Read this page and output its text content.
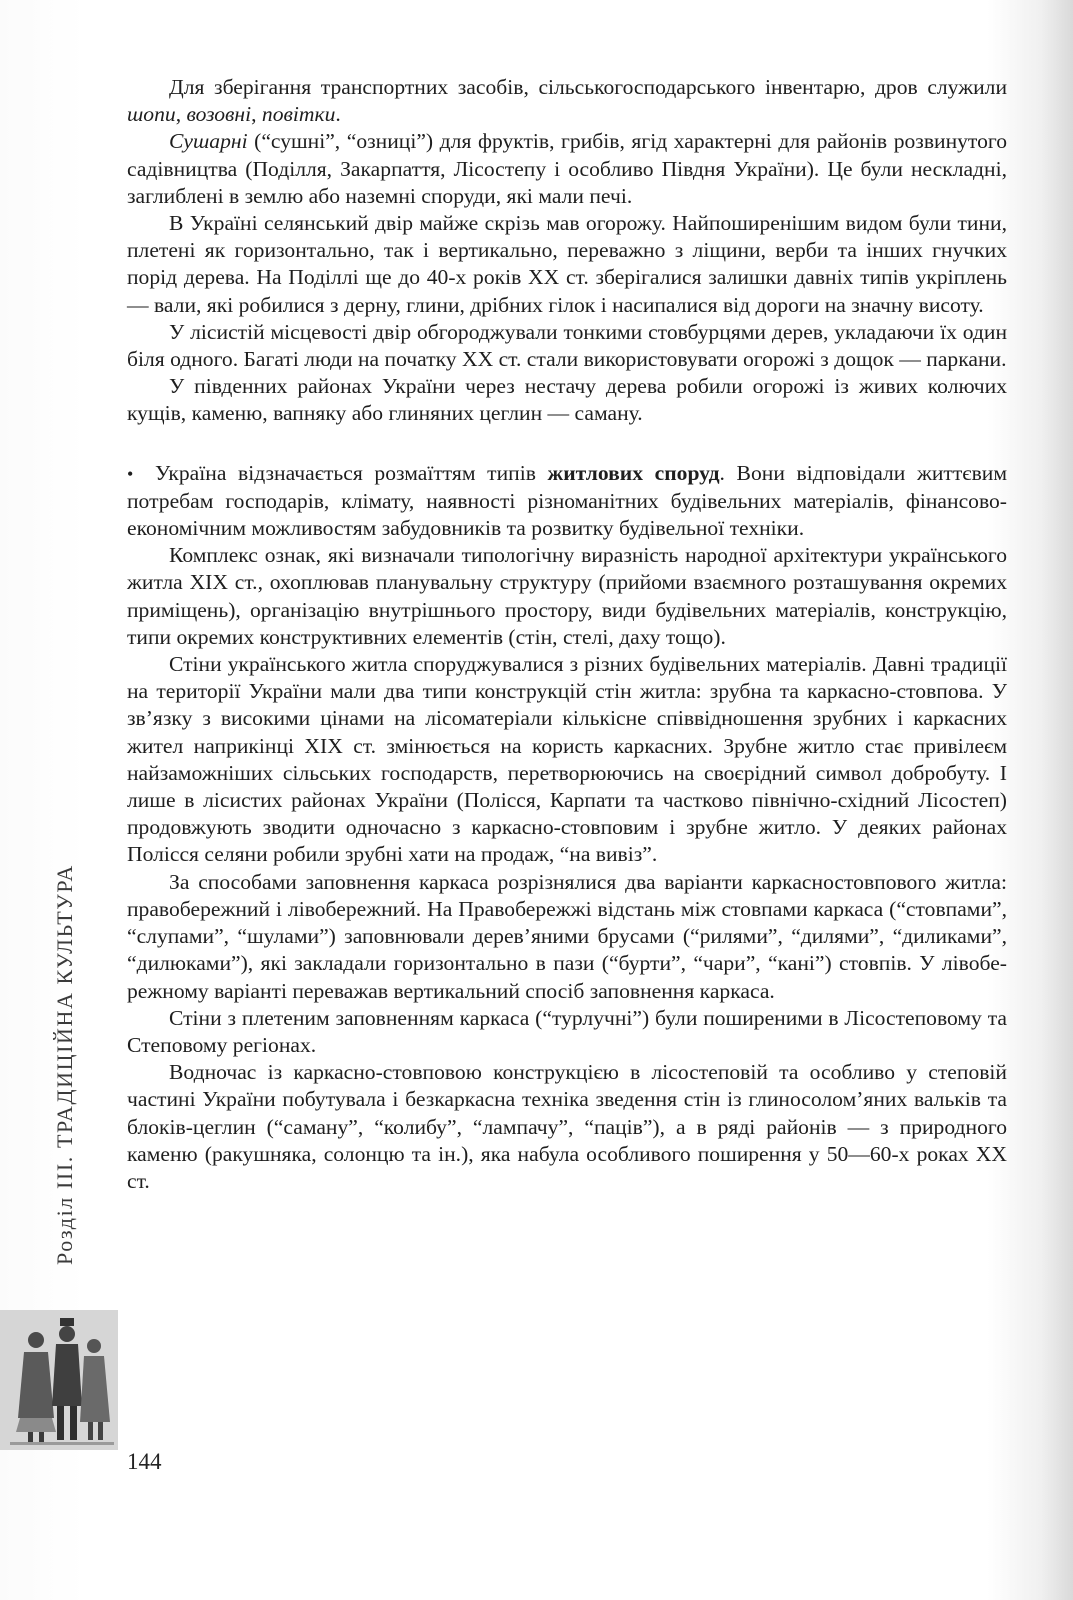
Для зберігання транспортних засобів, сільськогосподарського інвентарю, дров служили шопи, возовні, повітки.

Сушарні (“сушні”, “озниці”) для фруктів, грибів, ягід характерні для районів розвинутого садівництва (Поділля, Закарпаття, Лісостепу і особливо Півдня України). Це були нескладні, заглиблені в землю або наземні споруди, які мали печі.

В Україні селянський двір майже скрізь мав огорожу. Найпоширенішим видом були тини, плетені як горизонтально, так і вертикально, переважно з ліщини, верби та інших гнучких порід дерева. На Поділлі ще до 40-х років XX ст. зберігалися залишки давніх типів укріплень — вали, які робилися з дерну, глини, дрібних гілок і насипалися від дороги на значну висоту.

У лісистій місцевості двір обгороджували тонкими стовбурцями дерев, укладаючи їх один біля одного. Багаті люди на початку XX ст. стали використовувати огорожі з дощок — паркани.

У південних районах України через нестачу дерева робили огорожі із живих колючих кущів, каменю, вапняку або глиняних цеглин — саману.

• Україна відзначається розмаїттям типів житлових споруд. Вони відповідали життєвим потребам господарів, клімату, наявності різноманітних будівельних матеріалів, фінансово-економічним можливостям забудовників та розвитку будівельної техніки.

Комплекс ознак, які визначали типологічну виразність народної архітектури українського житла XIX ст., охоплював планувальну структуру (прийоми взаємного розташування окремих приміщень), організацію внутрішнього простору, види будівельних матеріалів, конструкцію, типи окремих конструктивних елементів (стін, стелі, даху тощо).

Стіни українського житла споруджувалися з різних будівельних матеріалів. Давні традиції на території України мали два типи конструкцій стін житла: зрубна та каркасно-стовпова. У зв’язку з високими цінами на лісоматеріали кількісне співвідношення зрубних і каркасних жител наприкінці XIX ст. змінюється на користь каркасних. Зрубне житло стає привілеєм найзаможніших сільських господарств, перетворюючись на своєрідний символ добробуту. І лише в лісистих районах України (Полісся, Карпати та частково північно-східний Лісостеп) продовжують зводити одночасно з каркасно-стовповим і зрубне житло. У деяких районах Полісся селяни робили зрубні хати на продаж, “на вивіз”.

За способами заповнення каркаса розрізнялися два варіанти каркасностовпового житла: правобережний і лівобережний. На Правобережжі відстань між стовпами каркаса (“стовпами”, “слупами”, “шулами”) заповнювали дерев’яними брусами (“рилями”, “дилями”, “диликами”, “дилюками”), які закладали горизонтально в пази (“бурти”, “чари”, “кані”) стовпів. У лівобережному варіанті переважав вертикальний спосіб заповнення каркаса.

Стіни з плетеним заповненням каркаса (“турлучні”) були поширеними в Лісостеповому та Степовому регіонах.

Водночас із каркасно-стовповою конструкцією в лісостеповій та особливо у степовій частині України побутувала і безкаркасна техніка зведення стін із глиносолом’яних вальків та блоків-цеглин (“саману”, “колибу”, “лампачу”, “паців”), а в ряді районів — з природного каменю (ракушняка, солонцю та ін.), яка набула особливого поширення у 50—60-х роках XX ст.

Розділ ІІІ. ТРАДИЦІЙНА КУЛЬТУРА
144
